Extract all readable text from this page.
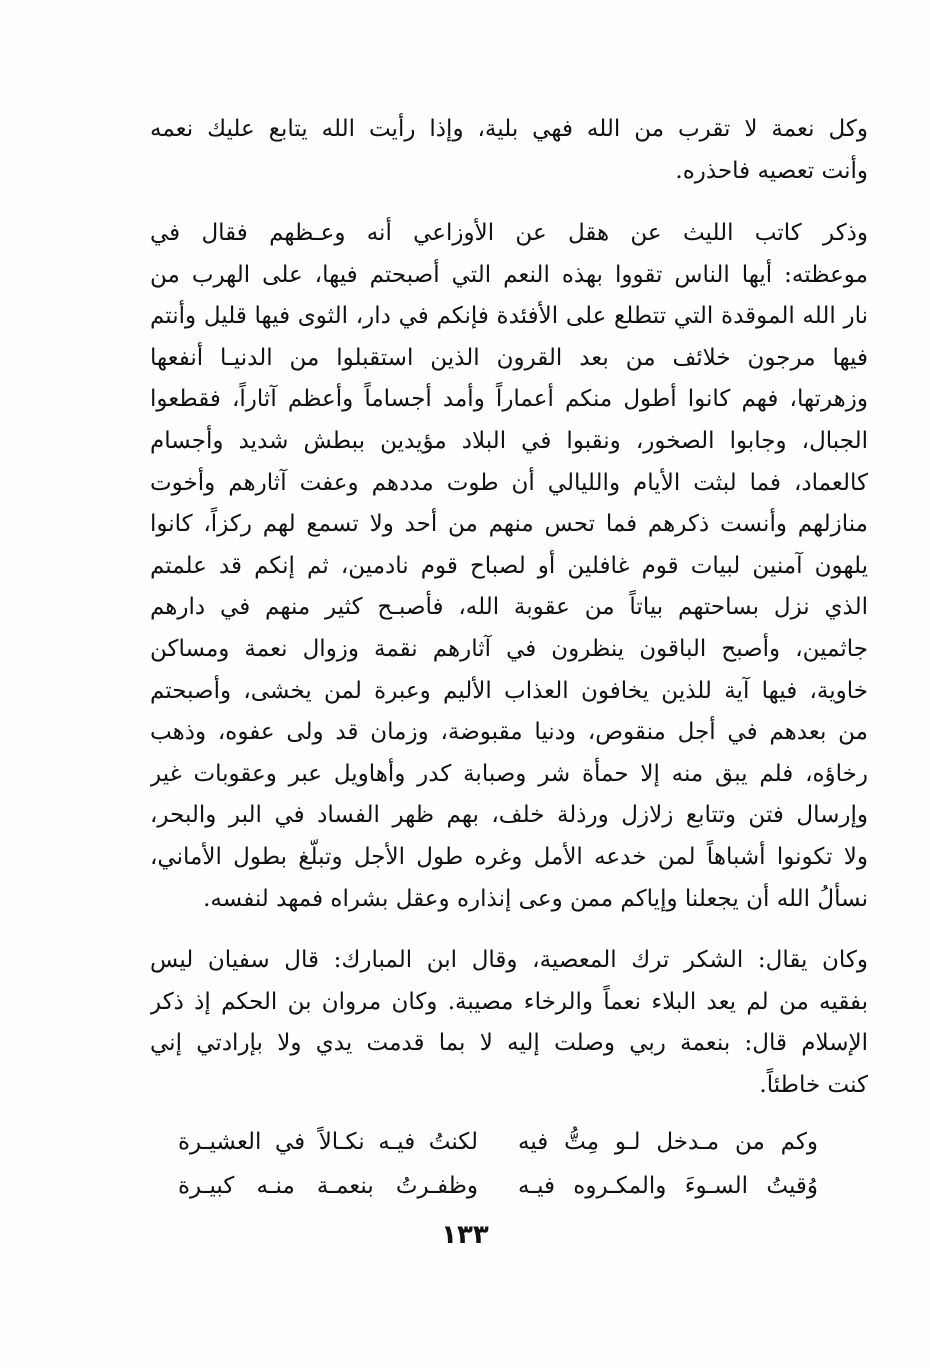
وكل نعمة لا تقرب من الله فهي بلية، وإذا رأيت الله يتابع عليك نعمه
وأنت تعصيه فاحذره.
وذكر كاتب الليث عن هقل عن الأوزاعي أنه وعـظهم فقال في
موعظته: أيها الناس تقووا بهذه النعم التي أصبحتم فيها، على الهرب من
نار الله الموقدة التي تتطلع على الأفئدة فإنكم في دار، الثوى فيها قليل وأنتم
فيها مرجون خلائف من بعد القرون الذين استقبلوا من الدنيـا أنفعها
وزهرتها، فهم كانوا أطول منكم أعماراً وأمد أجساماً وأعظم آثاراً، فقطعوا
الجبال، وجابوا الصخور، ونقبوا في البلاد مؤيدين ببطش شديد وأجسام
كالعماد، فما لبثت الأيام والليالي أن طوت مددهم وعفت آثارهم وأخوت
منازلهم وأنست ذكرهم فما تحس منهم من أحد ولا تسمع لهم ركزاً، كانوا
يلهون آمنين لبيات قوم غافلين أو لصباح قوم نادمين، ثم إنكم قد علمتم
الذي نزل بساحتهم بياتاً من عقوبة الله، فأصبـح كثير منهم في دارهم
جاثمين، وأصبح الباقون ينظرون في آثارهم نقمة وزوال نعمة ومساكن
خاوية، فيها آية للذين يخافون العذاب الأليم وعبرة لمن يخشى، وأصبحتم
من بعدهم في أجل منقوص، ودنيا مقبوضة، وزمان قد ولى عفوه، وذهب
رخاؤه، فلم يبق منه إلا حمأة شر وصبابة كدر وأهاويل عبر وعقوبات غير
وإرسال فتن وتتابع زلازل ورذلة خلف، بهم ظهر الفساد في البر والبحر،
ولا تكونوا أشباهاً لمن خدعه الأمل وغره طول الأجل وتبلّغ بطول الأماني،
نسألُ الله أن يجعلنا وإياكم ممن وعى إنذاره وعقل بشراه فمهد لنفسه.
وكان يقال: الشكر ترك المعصية، وقال ابن المبارك: قال سفيان ليس
بفقيه من لم يعد البلاء نعماً والرخاء مصيبة. وكان مروان بن الحكم إذ ذكر
الإسلام قال: بنعمة ربي وصلت إليه لا بما قدمت يدي ولا بإرادتي إني
كنت خاطئاً.
وكم من مـدخل لـو مِتُّ فيه
لكنتُ فيـه نكـالاً في العشيـرة
وُقيتُ السـوءَ والمكـروه فيـه
وظفـرتُ بنعمـة منـه كبيـرة
١٣٣
